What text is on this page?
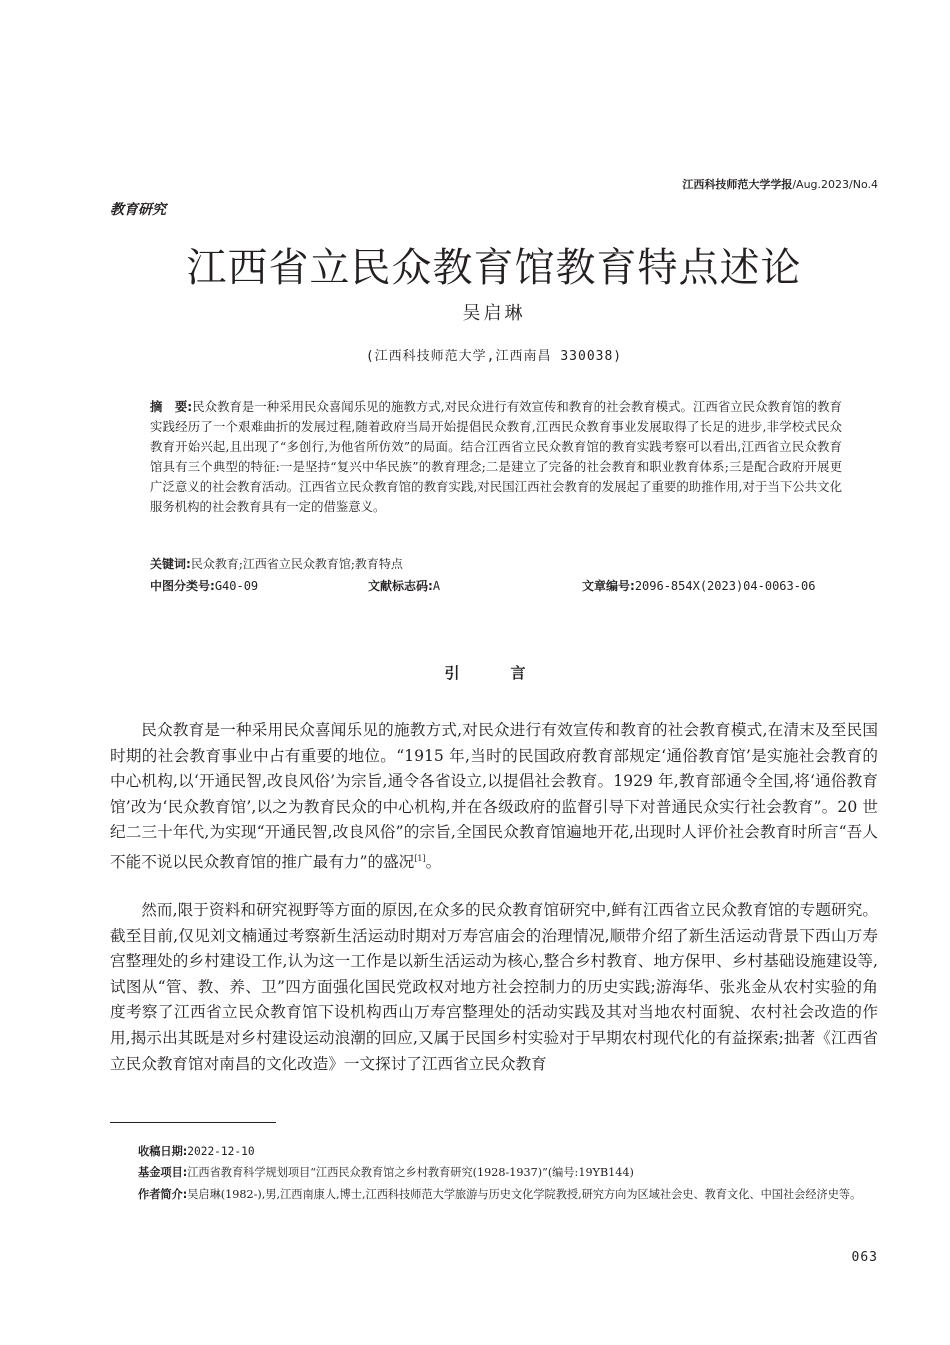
江西科技师范大学学报/Aug.2023/No.4
教育研究
江西省立民众教育馆教育特点述论
吴启琳
(江西科技师范大学,江西南昌 330038)
摘　要:民众教育是一种采用民众喜闻乐见的施教方式,对民众进行有效宣传和教育的社会教育模式。江西省立民众教育馆的教育实践经历了一个艰难曲折的发展过程,随着政府当局开始提倡民众教育,江西民众教育事业发展取得了长足的进步,非学校式民众教育开始兴起,且出现了“多创行,为他省所仿效”的局面。结合江西省立民众教育馆的教育实践考察可以看出,江西省立民众教育馆具有三个典型的特征:一是坚持“复兴中华民族”的教育理念;二是建立了完备的社会教育和职业教育体系;三是配合政府开展更广泛意义的社会教育活动。江西省立民众教育馆的教育实践,对民国江西社会教育的发展起了重要的助推作用,对于当下公共文化服务机构的社会教育具有一定的借鉴意义。
关键词:民众教育;江西省立民众教育馆;教育特点
中图分类号:G40-09	文献标志码:A	文章编号:2096-854X(2023)04-0063-06
引　言

民众教育是一种采用民众喜闻乐见的施教方式,对民众进行有效宣传和教育的社会教育模式,在清末及至民国时期的社会教育事业中占有重要的地位。“1915 年,当时的民国政府教育部规定‘通俗教育馆’是实施社会教育的中心机构,以‘开通民智,改良风俗’为宗旨,通令各省设立,以提倡社会教育。1929 年,教育部通令全国,将‘通俗教育馆’改为‘民众教育馆’,以之为教育民众的中心机构,并在各级政府的监督引导下对普通民众实行社会教育”。20 世纪二三十年代,为实现“开通民智,改良风俗”的宗旨,全国民众教育馆遍地开花,出现时人评价社会教育时所言“吾人不能不说以民众教育馆的推广最有力”的盛况[1]。

然而,限于资料和研究视野等方面的原因,在众多的民众教育馆研究中,鲜有江西省立民众教育馆的专题研究。截至目前,仅见刘文楠通过考察新生活运动时期对万寿宫庙会的治理情况,顺带介绍了新生活运动背景下西山万寿宫整理处的乡村建设工作,认为这一工作是以新生活运动为核心,整合乡村教育、地方保甲、乡村基础设施建设等,试图从“管、教、养、卫”四方面强化国民党政权对地方社会控制力的历史实践;游海华、张兆金从农村实验的角度考察了江西省立民众教育馆下设机构西山万寿宫整理处的活动实践及其对当地农村面貌、农村社会改造的作用,揭示出其既是对乡村建设运动浪潮的回应,又属于民国乡村实验对于早期农村现代化的有益探索;拙著《江西省立民众教育馆对南昌的文化改造》一文探讨了江西省立民众教育

收稿日期:2022-12-10
基金项目:江西省教育科学规划项目“江西民众教育馆之乡村教育研究(1928-1937)”(编号:19YB144)
作者简介:吴启琳(1982-),男,江西南康人,博士,江西科技师范大学旅游与历史文化学院教授,研究方向为区域社会史、教育文化、中国社会经济史等。
063
